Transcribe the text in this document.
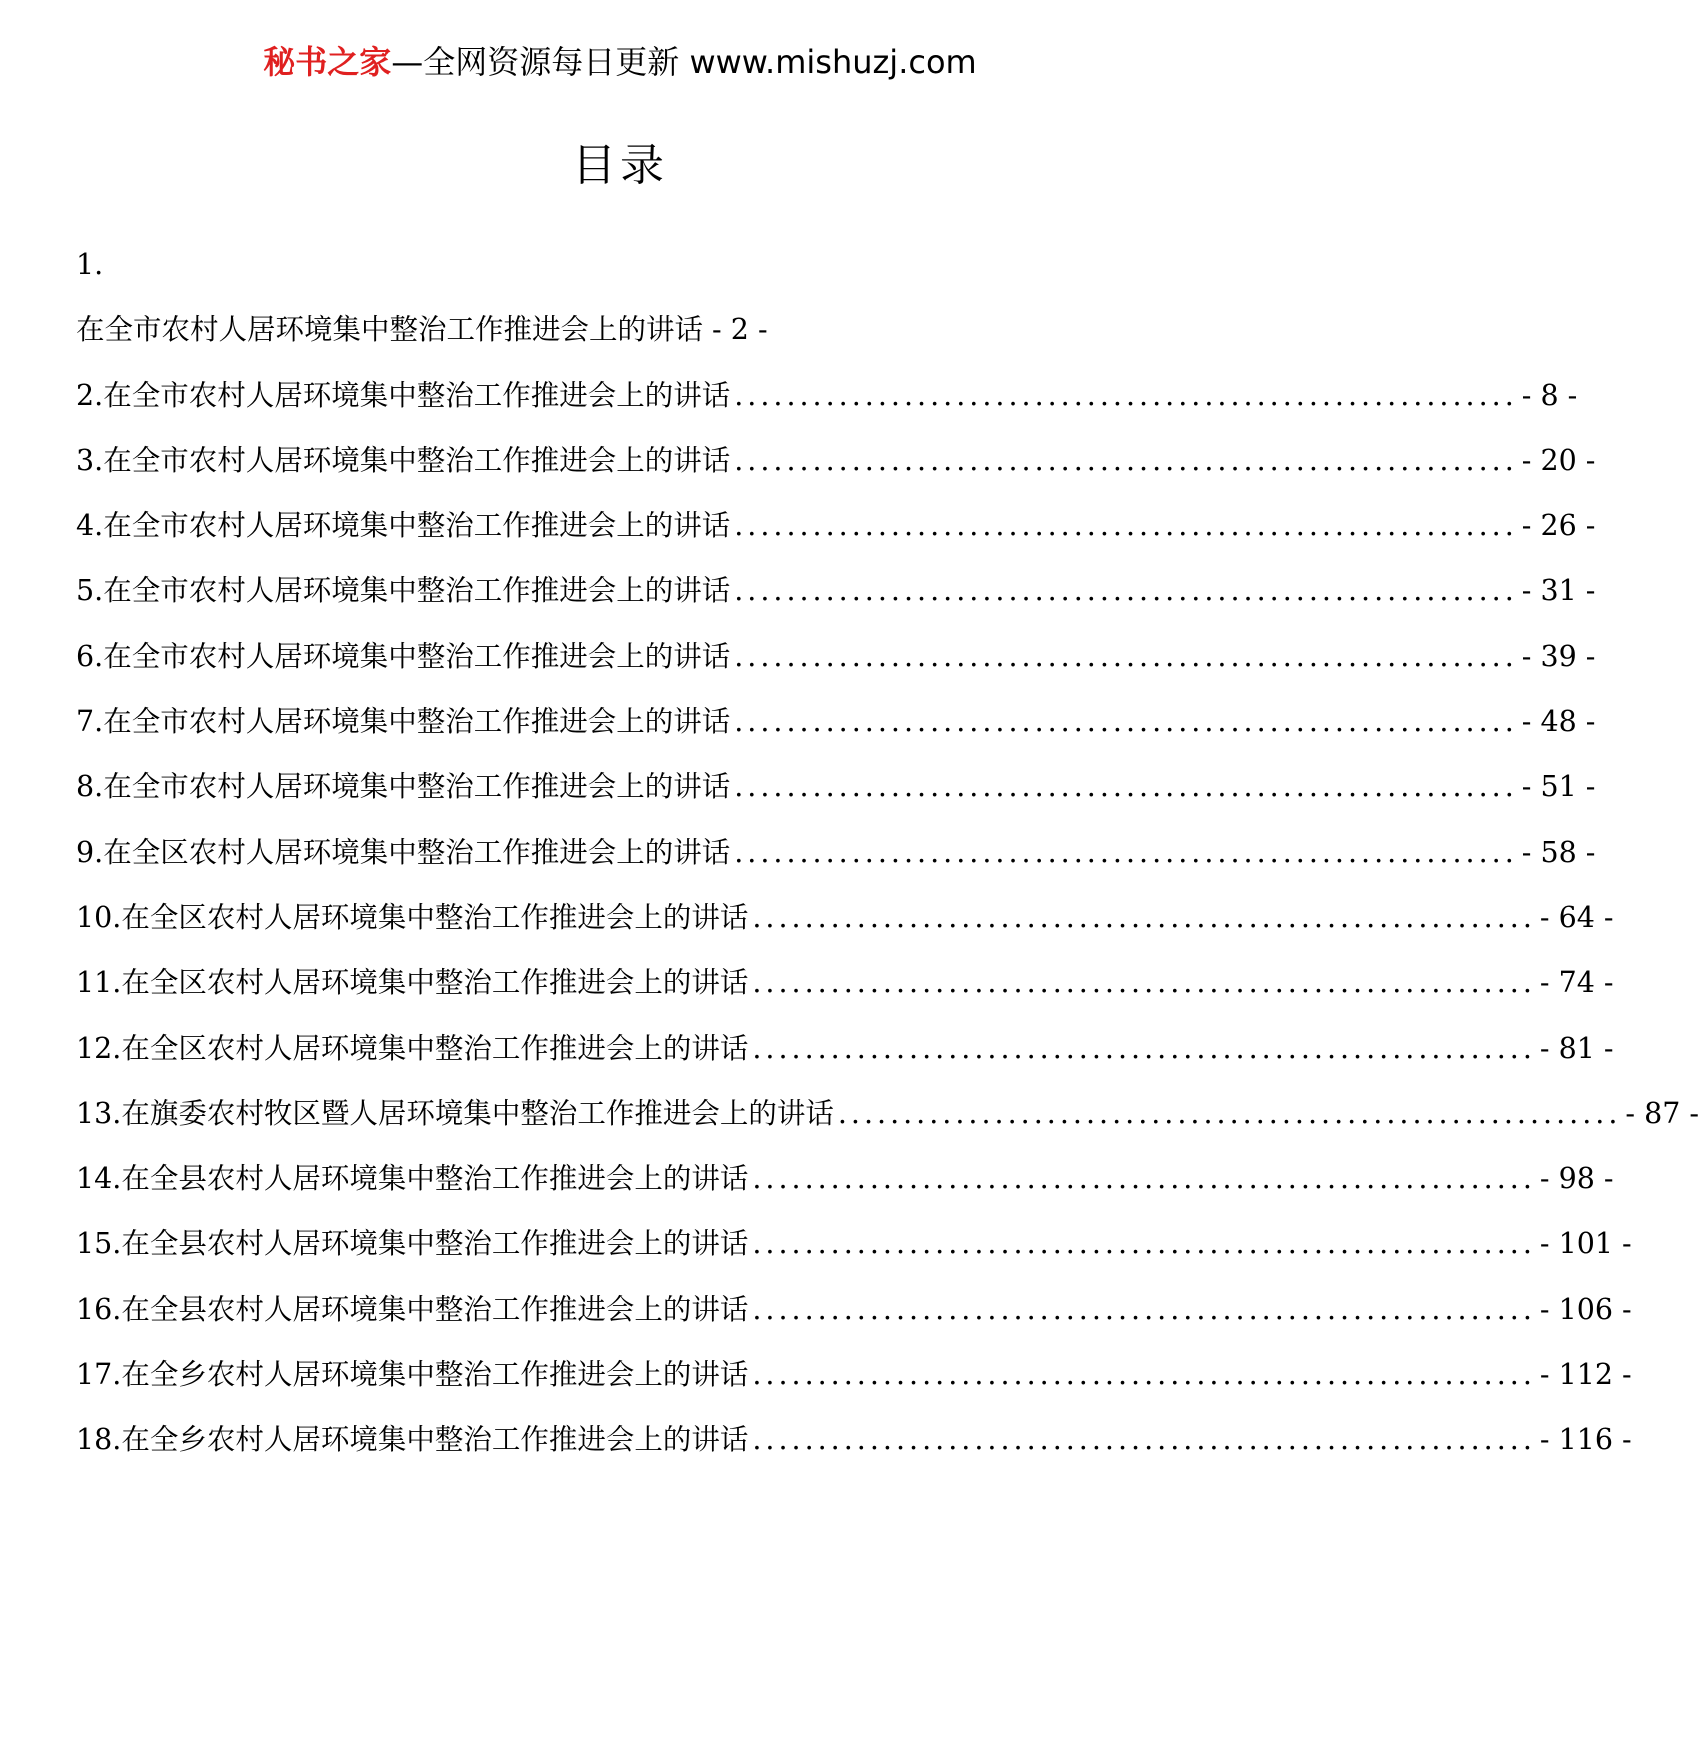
秘书之家—全网资源每日更新 www.mishuzj.com
目录
1.
在全市农村人居环境集中整治工作推进会上的讲话 - 2 -
2.在全市农村人居环境集中整治工作推进会上的讲话 ............................................................ - 8 -
3.在全市农村人居环境集中整治工作推进会上的讲话 ............................................................ - 20 -
4.在全市农村人居环境集中整治工作推进会上的讲话 ............................................................ - 26 -
5.在全市农村人居环境集中整治工作推进会上的讲话 ............................................................ - 31 -
6.在全市农村人居环境集中整治工作推进会上的讲话 ............................................................ - 39 -
7.在全市农村人居环境集中整治工作推进会上的讲话 ............................................................ - 48 -
8.在全市农村人居环境集中整治工作推进会上的讲话 ............................................................ - 51 -
9.在全区农村人居环境集中整治工作推进会上的讲话 ............................................................ - 58 -
10.在全区农村人居环境集中整治工作推进会上的讲话 ............................................................ - 64 -
11.在全区农村人居环境集中整治工作推进会上的讲话 ............................................................ - 74 -
12.在全区农村人居环境集中整治工作推进会上的讲话 ............................................................ - 81 -
13.在旗委农村牧区暨人居环境集中整治工作推进会上的讲话 ............................................................ - 87 -
14.在全县农村人居环境集中整治工作推进会上的讲话 ............................................................ - 98 -
15.在全县农村人居环境集中整治工作推进会上的讲话 ............................................................ - 101 -
16.在全县农村人居环境集中整治工作推进会上的讲话 ............................................................ - 106 -
17.在全乡农村人居环境集中整治工作推进会上的讲话 ............................................................ - 112 -
18.在全乡农村人居环境集中整治工作推进会上的讲话 ............................................................ - 116 -
